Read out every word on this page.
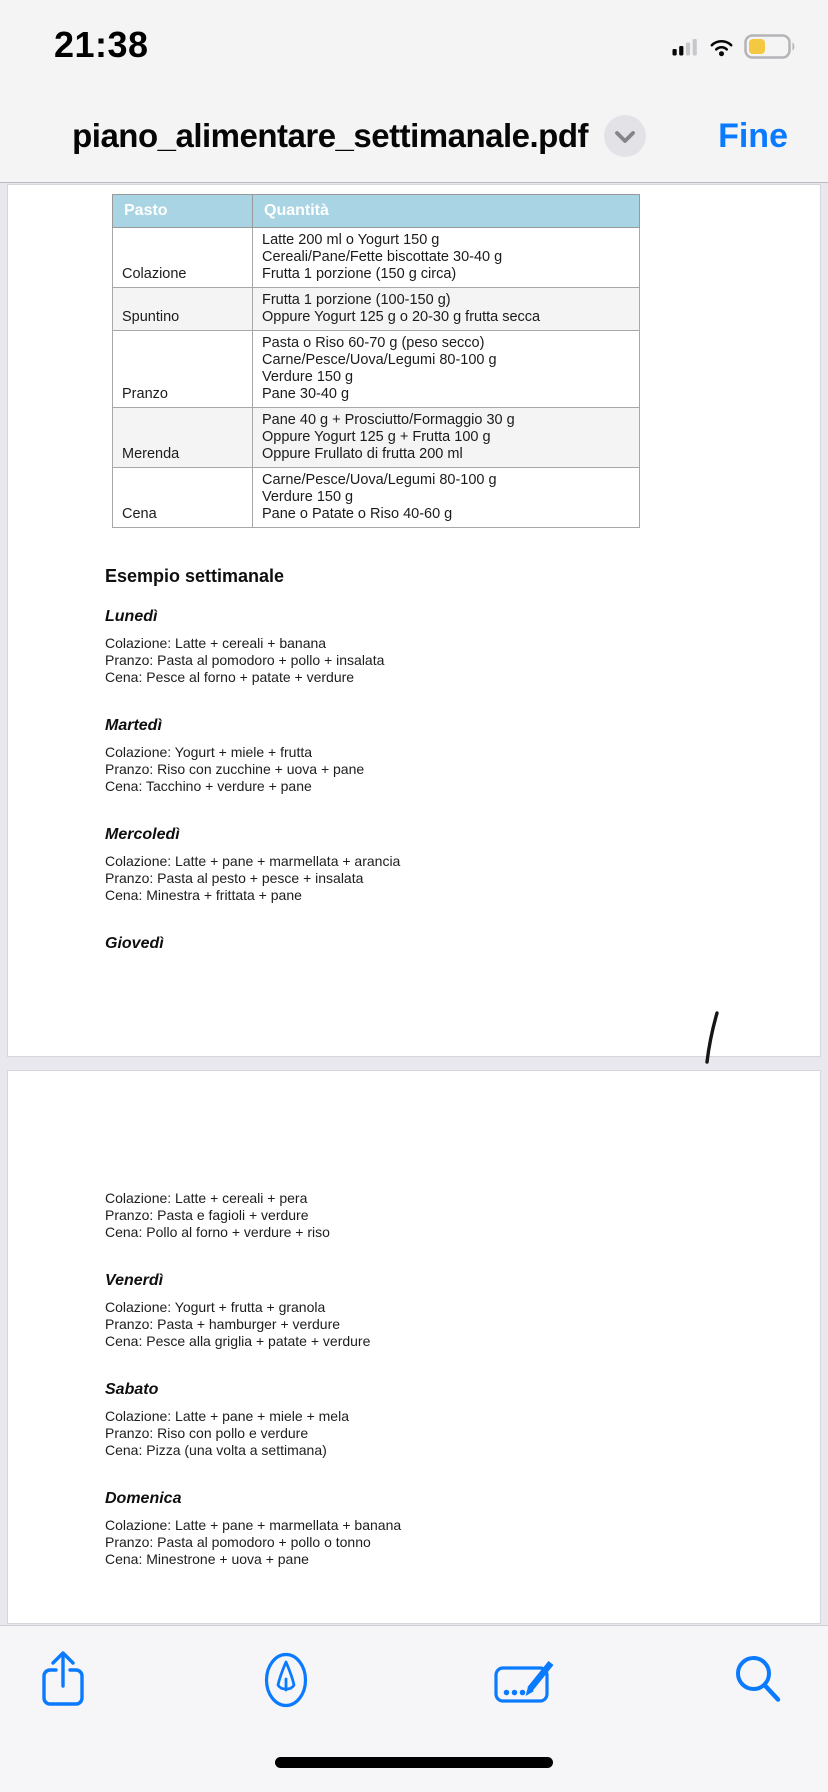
21:38
piano_alimentare_settimanale.pdf	Fine
Pasto	Quantità
Colazione	Latte 200 ml o Yogurt 150 g
Cereali/Pane/Fette biscottate 30-40 g
Frutta 1 porzione (150 g circa)

Spuntino	Frutta 1 porzione (100-150 g)
Oppure Yogurt 125 g o 20-30 g frutta secca

Pranzo	Pasta o Riso 60-70 g (peso secco)
Carne/Pesce/Uova/Legumi 80-100 g
Verdure 150 g
Pane 30-40 g

Merenda	Pane 40 g + Prosciutto/Formaggio 30 g
Oppure Yogurt 125 g + Frutta 100 g
Oppure Frullato di frutta 200 ml

Cena	Carne/Pesce/Uova/Legumi 80-100 g
Verdure 150 g
Pane o Patate o Riso 40-60 g
Esempio settimanale
Lunedì
Colazione: Latte + cereali + banana
Pranzo: Pasta al pomodoro + pollo + insalata
Cena: Pesce al forno + patate + verdure
Martedì
Colazione: Yogurt + miele + frutta
Pranzo: Riso con zucchine + uova + pane
Cena: Tacchino + verdure + pane
Mercoledì
Colazione: Latte + pane + marmellata + arancia
Pranzo: Pasta al pesto + pesce + insalata
Cena: Minestra + frittata + pane
Giovedì
Colazione: Latte + cereali + pera
Pranzo: Pasta e fagioli + verdure
Cena: Pollo al forno + verdure + riso
Venerdì
Colazione: Yogurt + frutta + granola
Pranzo: Pasta + hamburger + verdure
Cena: Pesce alla griglia + patate + verdure
Sabato
Colazione: Latte + pane + miele + mela
Pranzo: Riso con pollo e verdure
Cena: Pizza (una volta a settimana)
Domenica
Colazione: Latte + pane + marmellata + banana
Pranzo: Pasta al pomodoro + pollo o tonno
Cena: Minestrone + uova + pane
